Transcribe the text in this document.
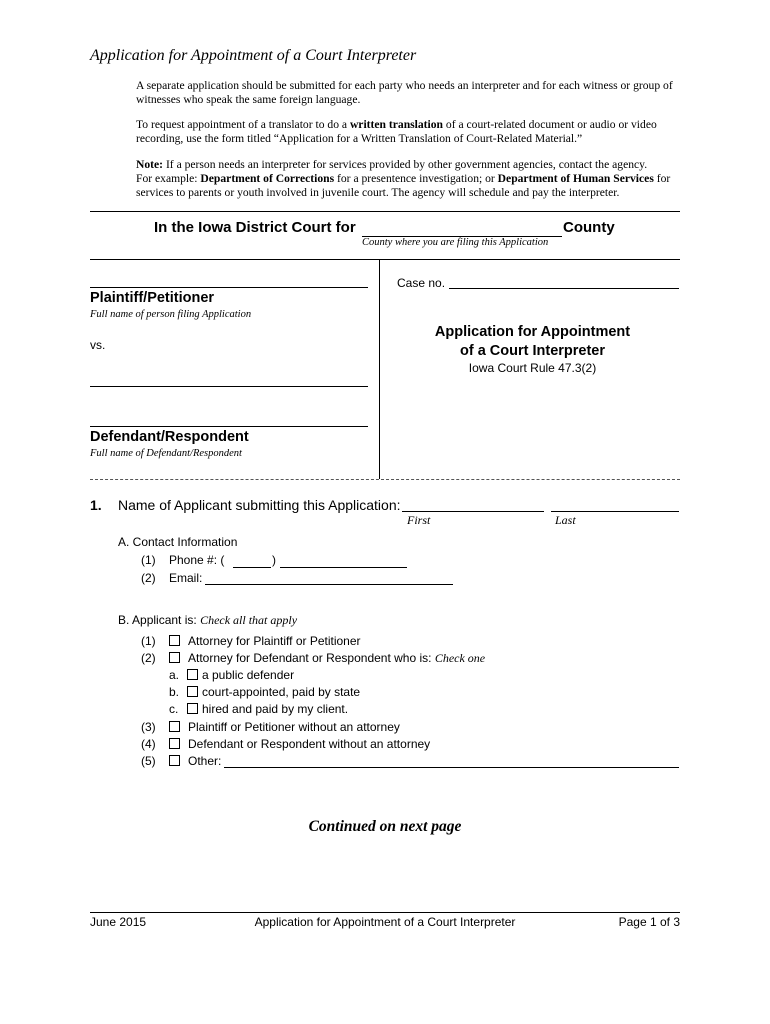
Application for Appointment of a Court Interpreter
A separate application should be submitted for each party who needs an interpreter and for each witness or group of witnesses who speak the same foreign language.
To request appointment of a translator to do a written translation of a court-related document or audio or video recording, use the form titled “Application for a Written Translation of Court-Related Material.”
Note: If a person needs an interpreter for services provided by other government agencies, contact the agency.
For example: Department of Corrections for a presentence investigation; or Department of Human Services for services to parents or youth involved in juvenile court. The agency will schedule and pay the interpreter.
In the Iowa District Court for	County
County where you are filing this Application
Plaintiff/Petitioner
Full name of person filing Application
vs.
Defendant/Respondent
Full name of Defendant/Respondent
Case no.
Application for Appointment
of a Court Interpreter
Iowa Court Rule 47.3(2)
1. Name of Applicant submitting this Application:
First	Last
A. Contact Information
(1) Phone #: (	)
(2) Email:
B. Applicant is: Check all that apply
(1)	Attorney for Plaintiff or Petitioner
(2)	Attorney for Defendant or Respondent who is: Check one
a. a public defender
b. court-appointed, paid by state
c. hired and paid by my client.
(3)	Plaintiff or Petitioner without an attorney
(4)	Defendant or Respondent without an attorney
(5)	Other:
Continued on next page
June 2015	Application for Appointment of a Court Interpreter	Page 1 of 3
